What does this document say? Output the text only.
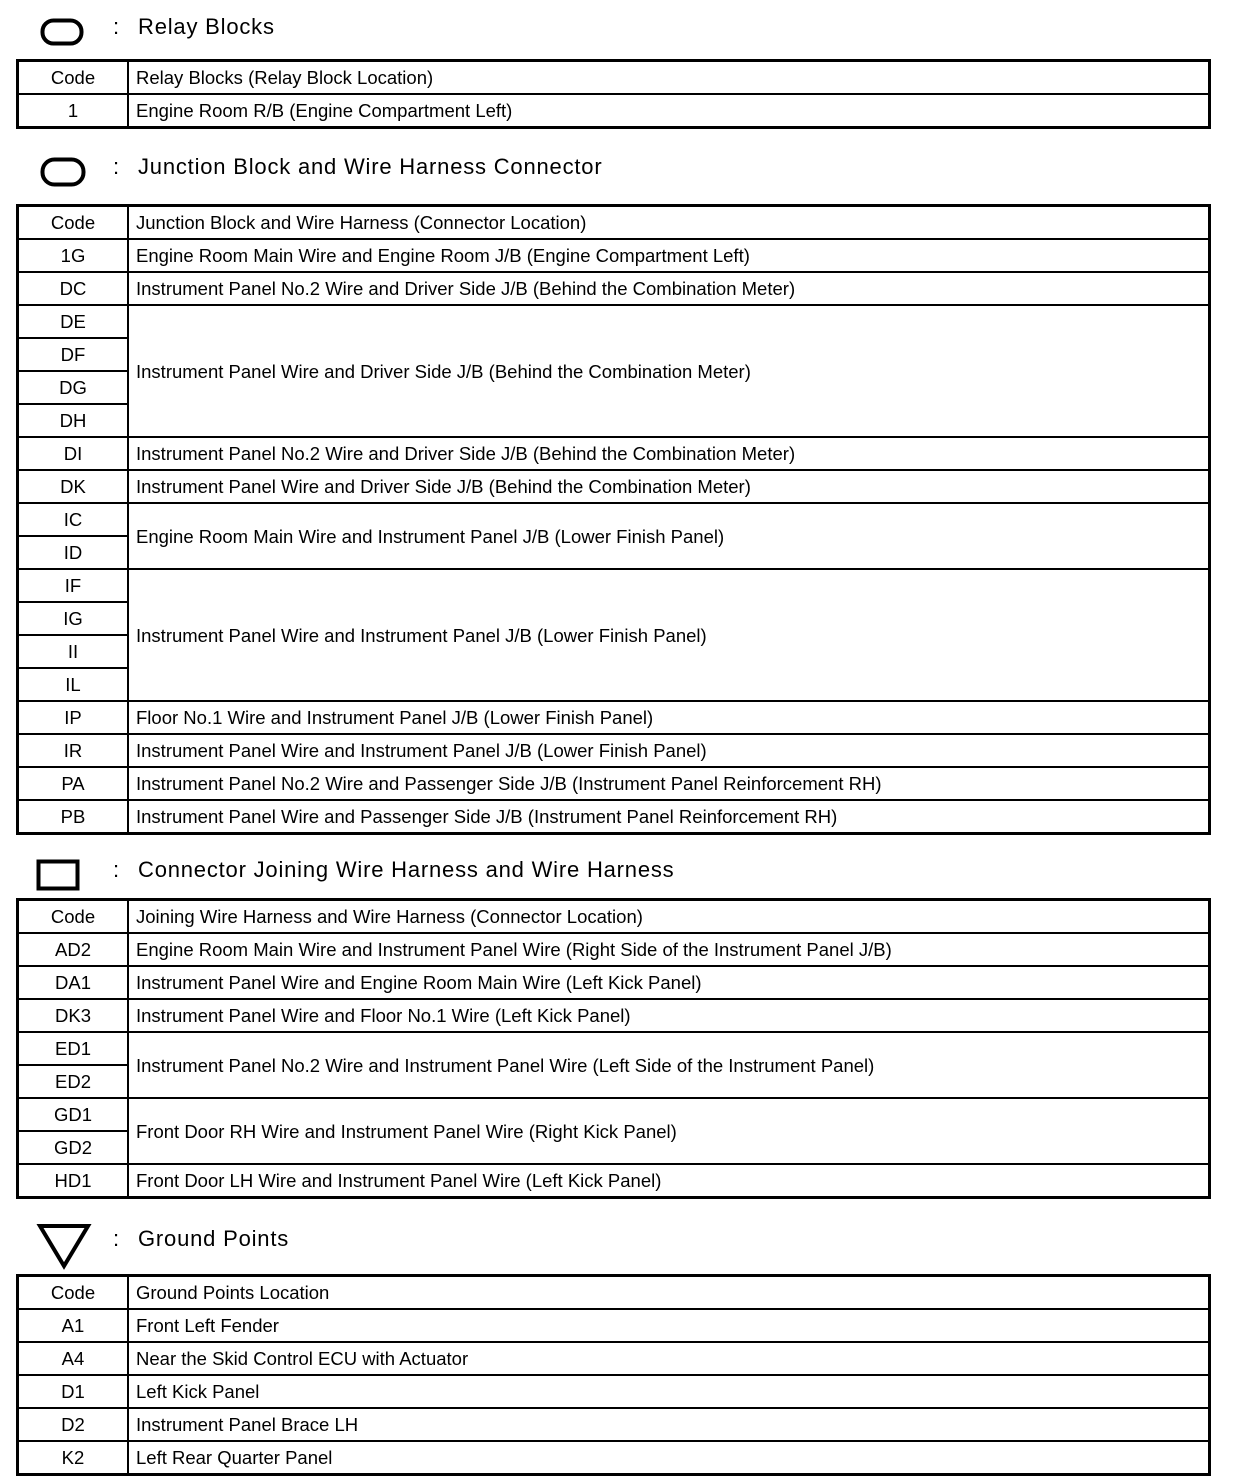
: Relay Blocks
Code	Relay Blocks (Relay Block Location)
1	Engine Room R/B (Engine Compartment Left)
: Junction Block and Wire Harness Connector
Code	Junction Block and Wire Harness (Connector Location)
1G	Engine Room Main Wire and Engine Room J/B (Engine Compartment Left)
DC	Instrument Panel No.2 Wire and Driver Side J/B (Behind the Combination Meter)
DE	Instrument Panel Wire and Driver Side J/B (Behind the Combination Meter)
DF	
DG	
DH	
DI	Instrument Panel No.2 Wire and Driver Side J/B (Behind the Combination Meter)
DK	Instrument Panel Wire and Driver Side J/B (Behind the Combination Meter)
IC	Engine Room Main Wire and Instrument Panel J/B (Lower Finish Panel)
ID	
IF	Instrument Panel Wire and Instrument Panel J/B (Lower Finish Panel)
IG	
II	
IL	
IP	Floor No.1 Wire and Instrument Panel J/B (Lower Finish Panel)
IR	Instrument Panel Wire and Instrument Panel J/B (Lower Finish Panel)
PA	Instrument Panel No.2 Wire and Passenger Side J/B (Instrument Panel Reinforcement RH)
PB	Instrument Panel Wire and Passenger Side J/B (Instrument Panel Reinforcement RH)
: Connector Joining Wire Harness and Wire Harness
Code	Joining Wire Harness and Wire Harness (Connector Location)
AD2	Engine Room Main Wire and Instrument Panel Wire (Right Side of the Instrument Panel J/B)
DA1	Instrument Panel Wire and Engine Room Main Wire (Left Kick Panel)
DK3	Instrument Panel Wire and Floor No.1 Wire (Left Kick Panel)
ED1	Instrument Panel No.2 Wire and Instrument Panel Wire (Left Side of the Instrument Panel)
ED2	
GD1	Front Door RH Wire and Instrument Panel Wire (Right Kick Panel)
GD2	
HD1	Front Door LH Wire and Instrument Panel Wire (Left Kick Panel)
: Ground Points
Code	Ground Points Location
A1	Front Left Fender
A4	Near the Skid Control ECU with Actuator
D1	Left Kick Panel
D2	Instrument Panel Brace LH
K2	Left Rear Quarter Panel
